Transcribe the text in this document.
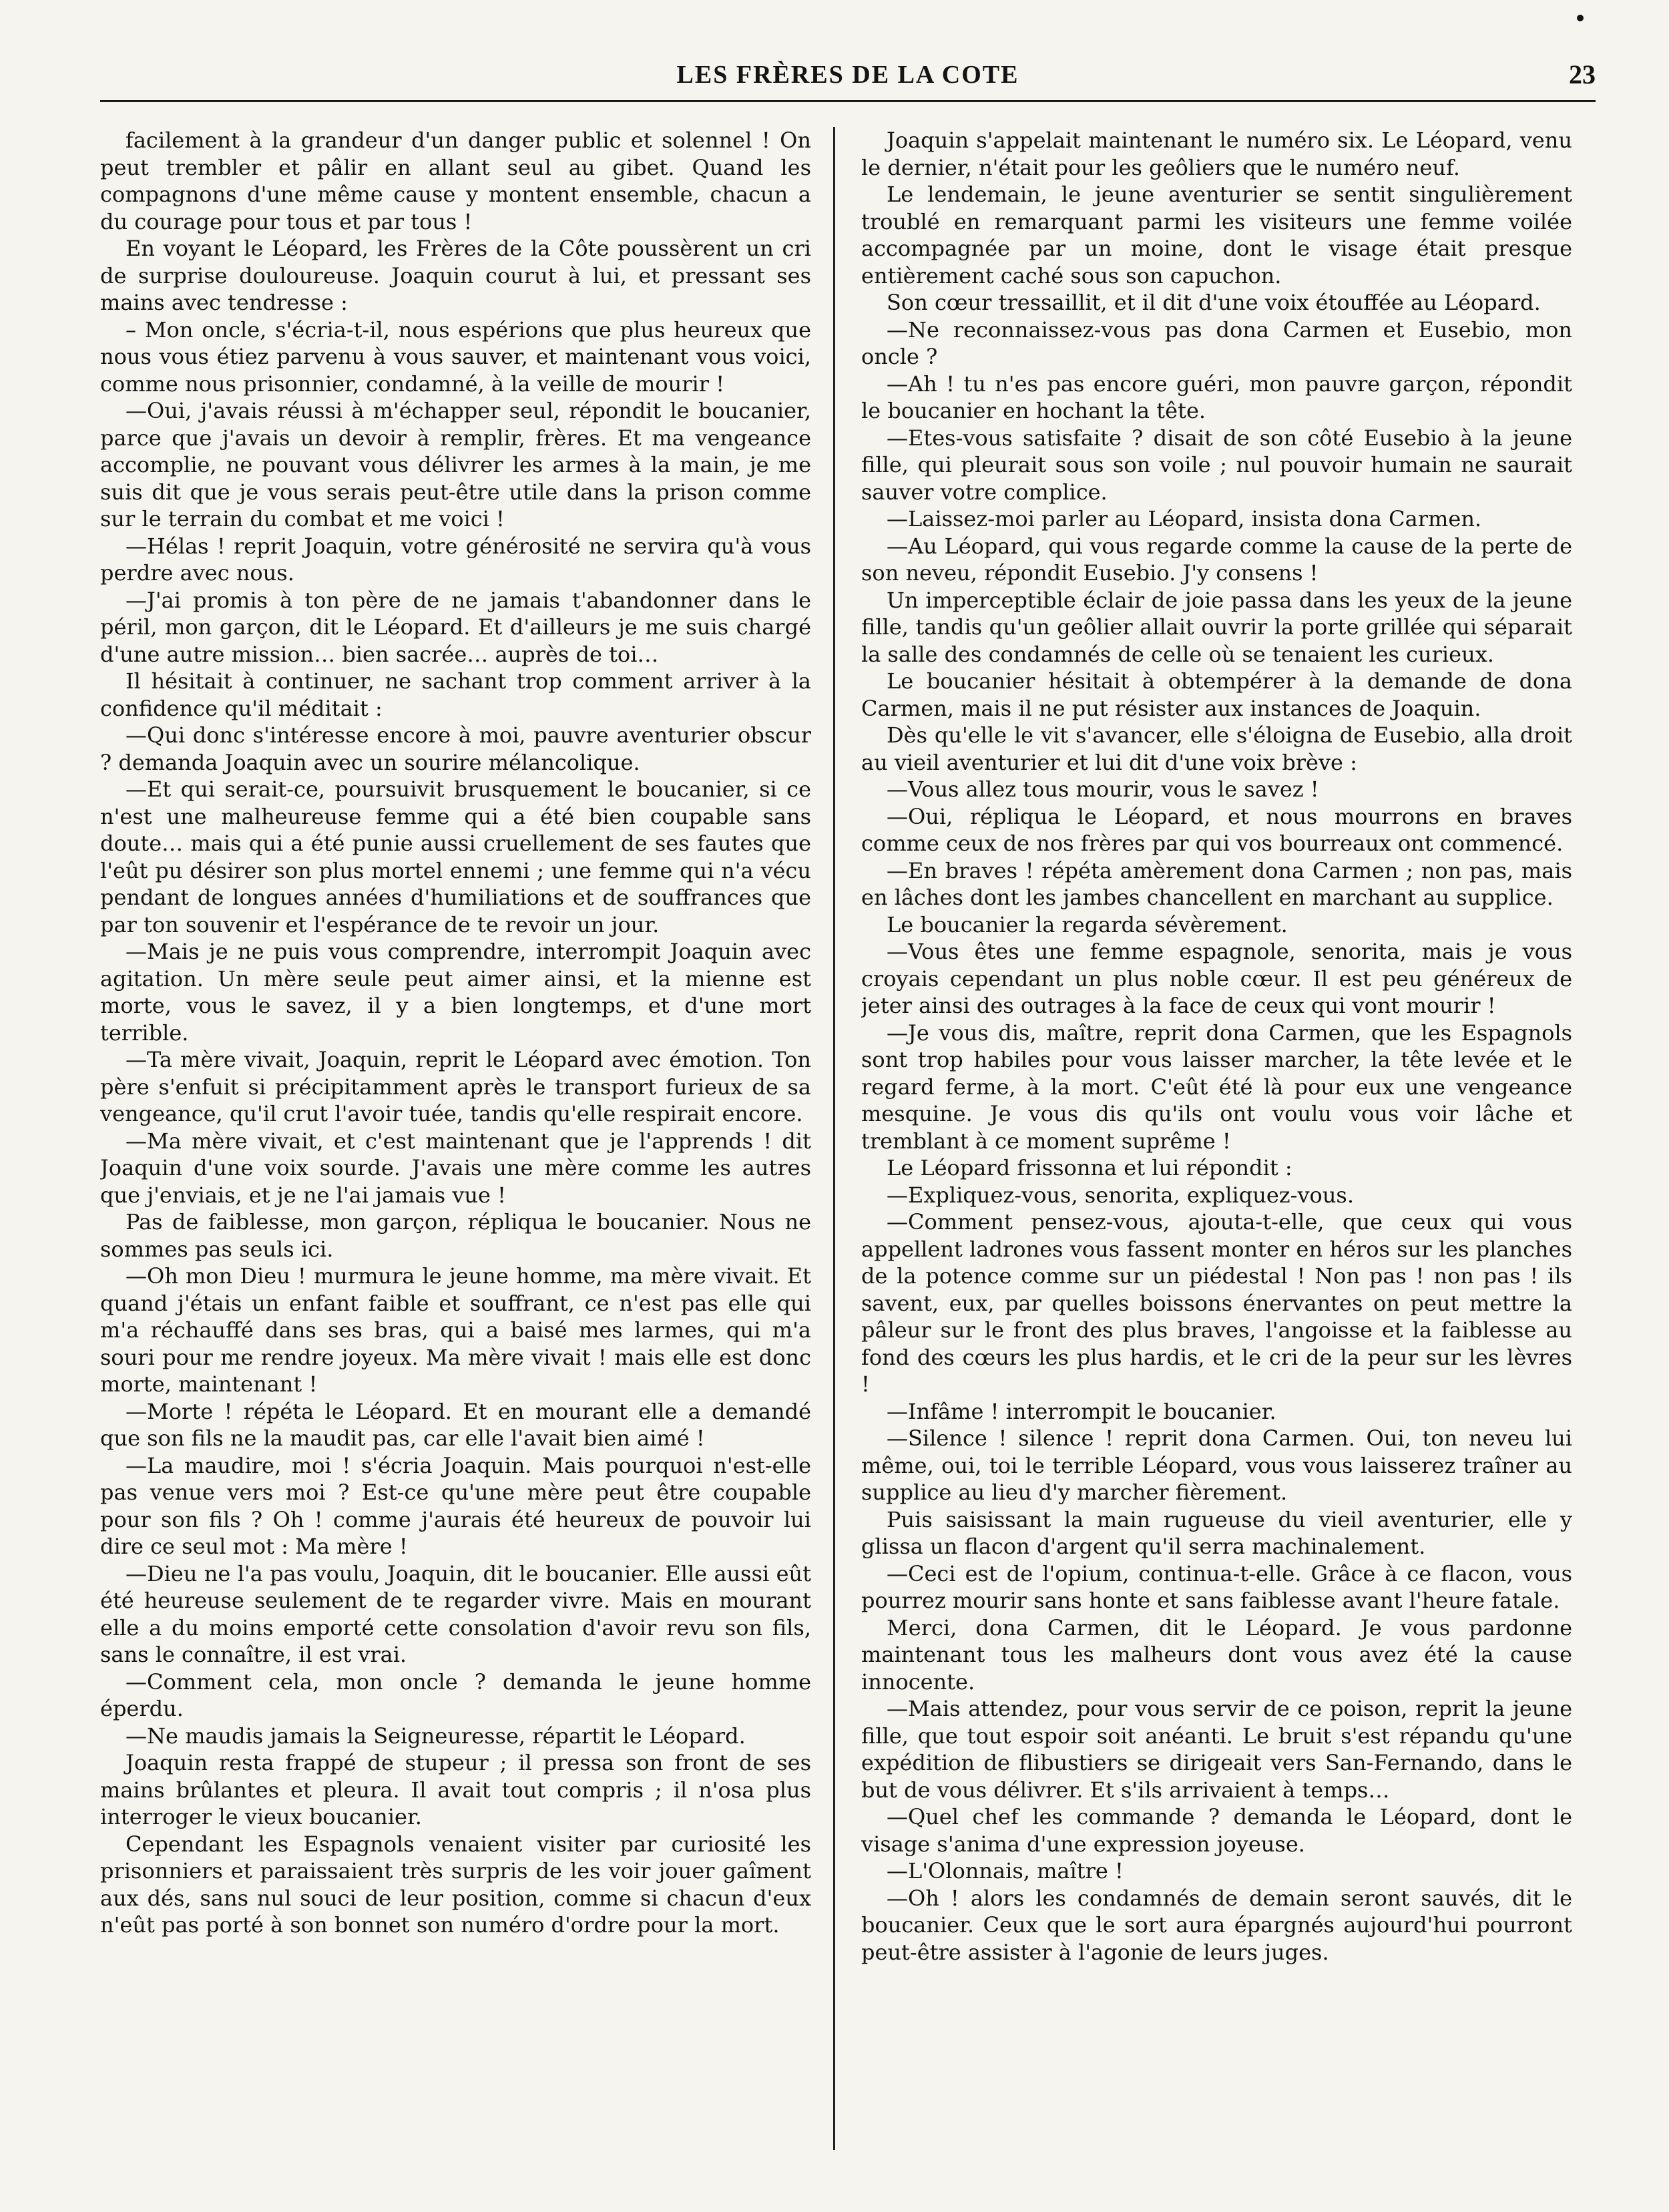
LES FRÈRES DE LA COTE	23

facilement à la grandeur d'un danger public et solennel ! On peut trembler et pâlir en allant seul au gibet. Quand les compagnons d'une même cause y montent ensemble, chacun a du courage pour tous et par tous !

En voyant le Léopard, les Frères de la Côte poussèrent un cri de surprise douloureuse. Joaquin courut à lui, et pressant ses mains avec tendresse :

– Mon oncle, s'écria-t-il, nous espérions que plus heureux que nous vous étiez parvenu à vous sauver, et maintenant vous voici, comme nous prisonnier, condamné, à la veille de mourir !

—Oui, j'avais réussi à m'échapper seul, répondit le boucanier, parce que j'avais un devoir à remplir, frères. Et ma vengeance accomplie, ne pouvant vous délivrer les armes à la main, je me suis dit que je vous serais peut-être utile dans la prison comme sur le terrain du combat et me voici !

—Hélas ! reprit Joaquin, votre générosité ne servira qu'à vous perdre avec nous.

—J'ai promis à ton père de ne jamais t'abandonner dans le péril, mon garçon, dit le Léopard. Et d'ailleurs je me suis chargé d'une autre mission… bien sacrée… auprès de toi…

Il hésitait à continuer, ne sachant trop comment arriver à la confidence qu'il méditait :

—Qui donc s'intéresse encore à moi, pauvre aventurier obscur ? demanda Joaquin avec un sourire mélancolique.

—Et qui serait-ce, poursuivit brusquement le boucanier, si ce n'est une malheureuse femme qui a été bien coupable sans doute… mais qui a été punie aussi cruellement de ses fautes que l'eût pu désirer son plus mortel ennemi ; une femme qui n'a vécu pendant de longues années d'humiliations et de souffrances que par ton souvenir et l'espérance de te revoir un jour.

—Mais je ne puis vous comprendre, interrompit Joaquin avec agitation. Un mère seule peut aimer ainsi, et la mienne est morte, vous le savez, il y a bien longtemps, et d'une mort terrible.

—Ta mère vivait, Joaquin, reprit le Léopard avec émotion. Ton père s'enfuit si précipitamment après le transport furieux de sa vengeance, qu'il crut l'avoir tuée, tandis qu'elle respirait encore.

—Ma mère vivait, et c'est maintenant que je l'apprends ! dit Joaquin d'une voix sourde. J'avais une mère comme les autres que j'enviais, et je ne l'ai jamais vue !

Pas de faiblesse, mon garçon, répliqua le boucanier. Nous ne sommes pas seuls ici.

—Oh mon Dieu ! murmura le jeune homme, ma mère vivait. Et quand j'étais un enfant faible et souffrant, ce n'est pas elle qui m'a réchauffé dans ses bras, qui a baisé mes larmes, qui m'a souri pour me rendre joyeux. Ma mère vivait ! mais elle est donc morte, maintenant !

—Morte ! répéta le Léopard. Et en mourant elle a demandé que son fils ne la maudit pas, car elle l'avait bien aimé !

—La maudire, moi ! s'écria Joaquin. Mais pourquoi n'est-elle pas venue vers moi ? Est-ce qu'une mère peut être coupable pour son fils ? Oh ! comme j'aurais été heureux de pouvoir lui dire ce seul mot : Ma mère !

—Dieu ne l'a pas voulu, Joaquin, dit le boucanier. Elle aussi eût été heureuse seulement de te regarder vivre. Mais en mourant elle a du moins emporté cette consolation d'avoir revu son fils, sans le connaître, il est vrai.

—Comment cela, mon oncle ? demanda le jeune homme éperdu.

—Ne maudis jamais la Seigneuresse, répartit le Léopard.

Joaquin resta frappé de stupeur ; il pressa son front de ses mains brûlantes et pleura. Il avait tout compris ; il n'osa plus interroger le vieux boucanier.

Cependant les Espagnols venaient visiter par curiosité les prisonniers et paraissaient très surpris de les voir jouer gaîment aux dés, sans nul souci de leur position, comme si chacun d'eux n'eût pas porté à son bonnet son numéro d'ordre pour la mort.

Joaquin s'appelait maintenant le numéro six. Le Léopard, venu le dernier, n'était pour les geôliers que le numéro neuf.

Le lendemain, le jeune aventurier se sentit singulièrement troublé en remarquant parmi les visiteurs une femme voilée accompagnée par un moine, dont le visage était presque entièrement caché sous son capuchon.

Son cœur tressaillit, et il dit d'une voix étouffée au Léopard.

—Ne reconnaissez-vous pas dona Carmen et Eusebio, mon oncle ?

—Ah ! tu n'es pas encore guéri, mon pauvre garçon, répondit le boucanier en hochant la tête.

—Etes-vous satisfaite ? disait de son côté Eusebio à la jeune fille, qui pleurait sous son voile ; nul pouvoir humain ne saurait sauver votre complice.

—Laissez-moi parler au Léopard, insista dona Carmen.

—Au Léopard, qui vous regarde comme la cause de la perte de son neveu, répondit Eusebio. J'y consens !

Un imperceptible éclair de joie passa dans les yeux de la jeune fille, tandis qu'un geôlier allait ouvrir la porte grillée qui séparait la salle des condamnés de celle où se tenaient les curieux.

Le boucanier hésitait à obtempérer à la demande de dona Carmen, mais il ne put résister aux instances de Joaquin.

Dès qu'elle le vit s'avancer, elle s'éloigna de Eusebio, alla droit au vieil aventurier et lui dit d'une voix brève :

—Vous allez tous mourir, vous le savez !

—Oui, répliqua le Léopard, et nous mourrons en braves comme ceux de nos frères par qui vos bourreaux ont commencé.

—En braves ! répéta amèrement dona Carmen ; non pas, mais en lâches dont les jambes chancellent en marchant au supplice.

Le boucanier la regarda sévèrement.

—Vous êtes une femme espagnole, senorita, mais je vous croyais cependant un plus noble cœur. Il est peu généreux de jeter ainsi des outrages à la face de ceux qui vont mourir !

—Je vous dis, maître, reprit dona Carmen, que les Espagnols sont trop habiles pour vous laisser marcher, la tête levée et le regard ferme, à la mort. C'eût été là pour eux une vengeance mesquine. Je vous dis qu'ils ont voulu vous voir lâche et tremblant à ce moment suprême !

Le Léopard frissonna et lui répondit :

—Expliquez-vous, senorita, expliquez-vous.

—Comment pensez-vous, ajouta-t-elle, que ceux qui vous appellent ladrones vous fassent monter en héros sur les planches de la potence comme sur un piédestal ! Non pas ! non pas ! ils savent, eux, par quelles boissons énervantes on peut mettre la pâleur sur le front des plus braves, l'angoisse et la faiblesse au fond des cœurs les plus hardis, et le cri de la peur sur les lèvres !

—Infâme ! interrompit le boucanier.

—Silence ! silence ! reprit dona Carmen. Oui, ton neveu lui même, oui, toi le terrible Léopard, vous vous laisserez traîner au supplice au lieu d'y marcher fièrement.

Puis saisissant la main rugueuse du vieil aventurier, elle y glissa un flacon d'argent qu'il serra machinalement.

—Ceci est de l'opium, continua-t-elle. Grâce à ce flacon, vous pourrez mourir sans honte et sans faiblesse avant l'heure fatale.

Merci, dona Carmen, dit le Léopard. Je vous pardonne maintenant tous les malheurs dont vous avez été la cause innocente.

—Mais attendez, pour vous servir de ce poison, reprit la jeune fille, que tout espoir soit anéanti. Le bruit s'est répandu qu'une expédition de flibustiers se dirigeait vers San-Fernando, dans le but de vous délivrer. Et s'ils arrivaient à temps…

—Quel chef les commande ? demanda le Léopard, dont le visage s'anima d'une expression joyeuse.

—L'Olonnais, maître !

—Oh ! alors les condamnés de demain seront sauvés, dit le boucanier. Ceux que le sort aura épargnés aujourd'hui pourront peut-être assister à l'agonie de leurs juges.
